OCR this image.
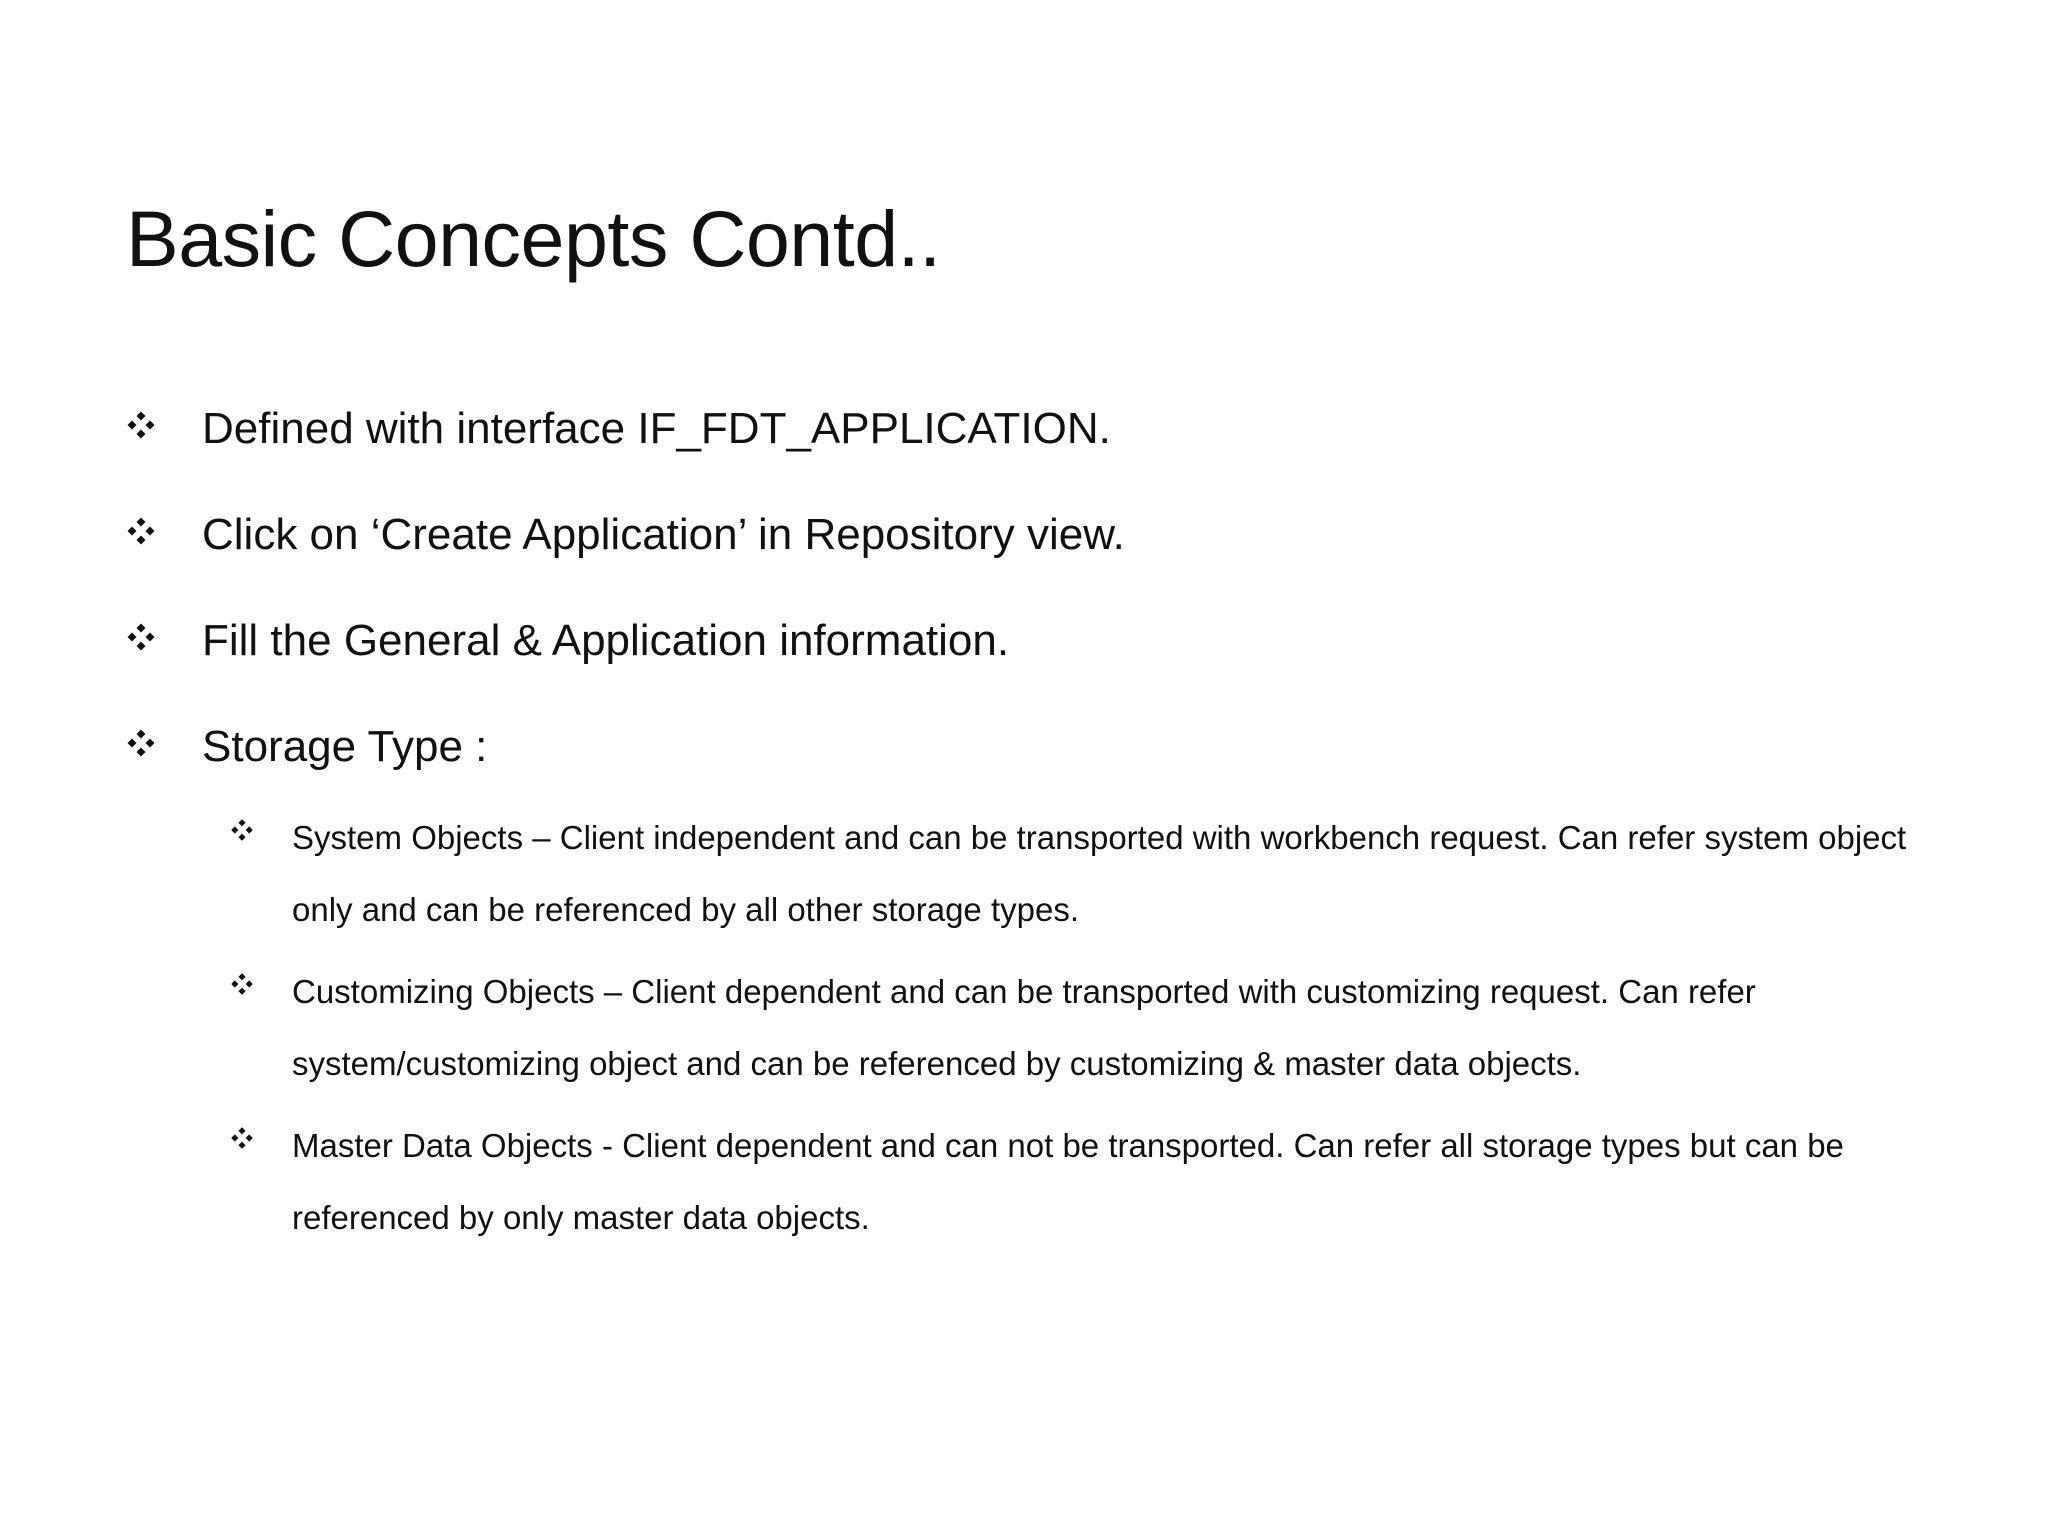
Basic Concepts Contd..
Defined with interface IF_FDT_APPLICATION.
Click on ‘Create Application’ in Repository view.
Fill the General & Application information.
Storage Type :
System Objects – Client independent and can be transported with workbench request. Can refer system object only and can be referenced by all other storage types.
Customizing Objects – Client dependent and can be transported with customizing request. Can refer system/customizing object and can be referenced by customizing & master data objects.
Master Data Objects - Client dependent and can not be transported. Can refer all storage types but can be referenced by only master data objects.
